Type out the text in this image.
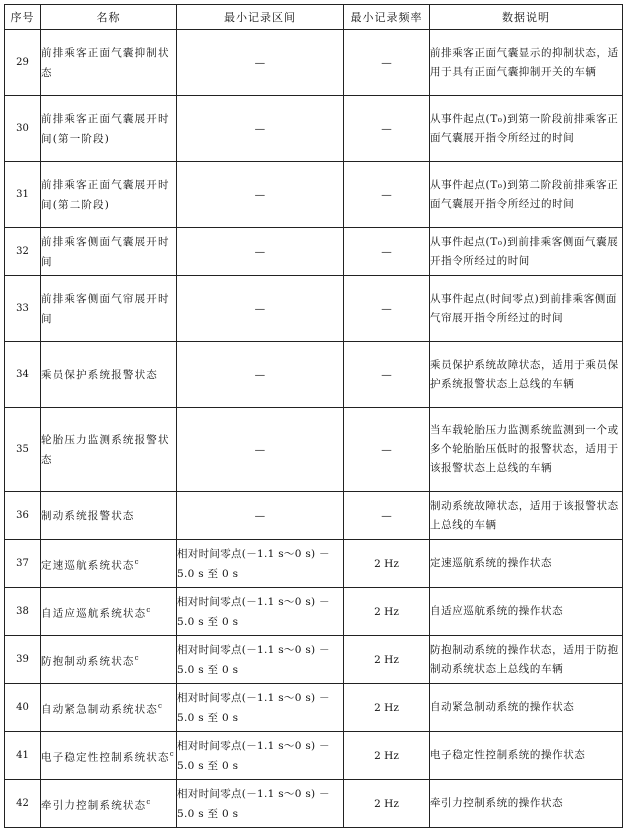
序号	名称	最小记录区间	最小记录频率	数据说明
29	前排乘客正面气囊抑制状态	—	—	前排乘客正面气囊显示的抑制状态，适用于具有正面气囊抑制开关的车辆
30	前排乘客正面气囊展开时间(第一阶段)	—	—	从事件起点(T₀)到第一阶段前排乘客正面气囊展开指令所经过的时间
31	前排乘客正面气囊展开时间(第二阶段)	—	—	从事件起点(T₀)到第二阶段前排乘客正面气囊展开指令所经过的时间
32	前排乘客侧面气囊展开时间	—	—	从事件起点(T₀)到前排乘客侧面气囊展开指令所经过的时间
33	前排乘客侧面气帘展开时间	—	—	从事件起点(时间零点)到前排乘客侧面气帘展开指令所经过的时间
34	乘员保护系统报警状态	—	—	乘员保护系统故障状态，适用于乘员保护系统报警状态上总线的车辆
35	轮胎压力监测系统报警状态	—	—	当车载轮胎压力监测系统监测到一个或多个轮胎胎压低时的报警状态，适用于该报警状态上总线的车辆
36	制动系统报警状态	—	—	制动系统故障状态，适用于该报警状态上总线的车辆
37	定速巡航系统状态$^c$	相对时间零点(－1.1 s～0 s) －5.0 s 至 0 s	2 Hz	定速巡航系统的操作状态
38	自适应巡航系统状态$^c$	相对时间零点(－1.1 s～0 s) －5.0 s 至 0 s	2 Hz	自适应巡航系统的操作状态
39	防抱制动系统状态$^c$	相对时间零点(－1.1 s～0 s) －5.0 s 至 0 s	2 Hz	防抱制动系统的操作状态，适用于防抱制动系统状态上总线的车辆
40	自动紧急制动系统状态$^c$	相对时间零点(－1.1 s～0 s) －5.0 s 至 0 s	2 Hz	自动紧急制动系统的操作状态
41	电子稳定性控制系统状态$^c$	相对时间零点(－1.1 s～0 s) －5.0 s 至 0 s	2 Hz	电子稳定性控制系统的操作状态
42	牵引力控制系统状态$^c$	相对时间零点(－1.1 s～0 s) －5.0 s 至 0 s	2 Hz	牵引力控制系统的操作状态
